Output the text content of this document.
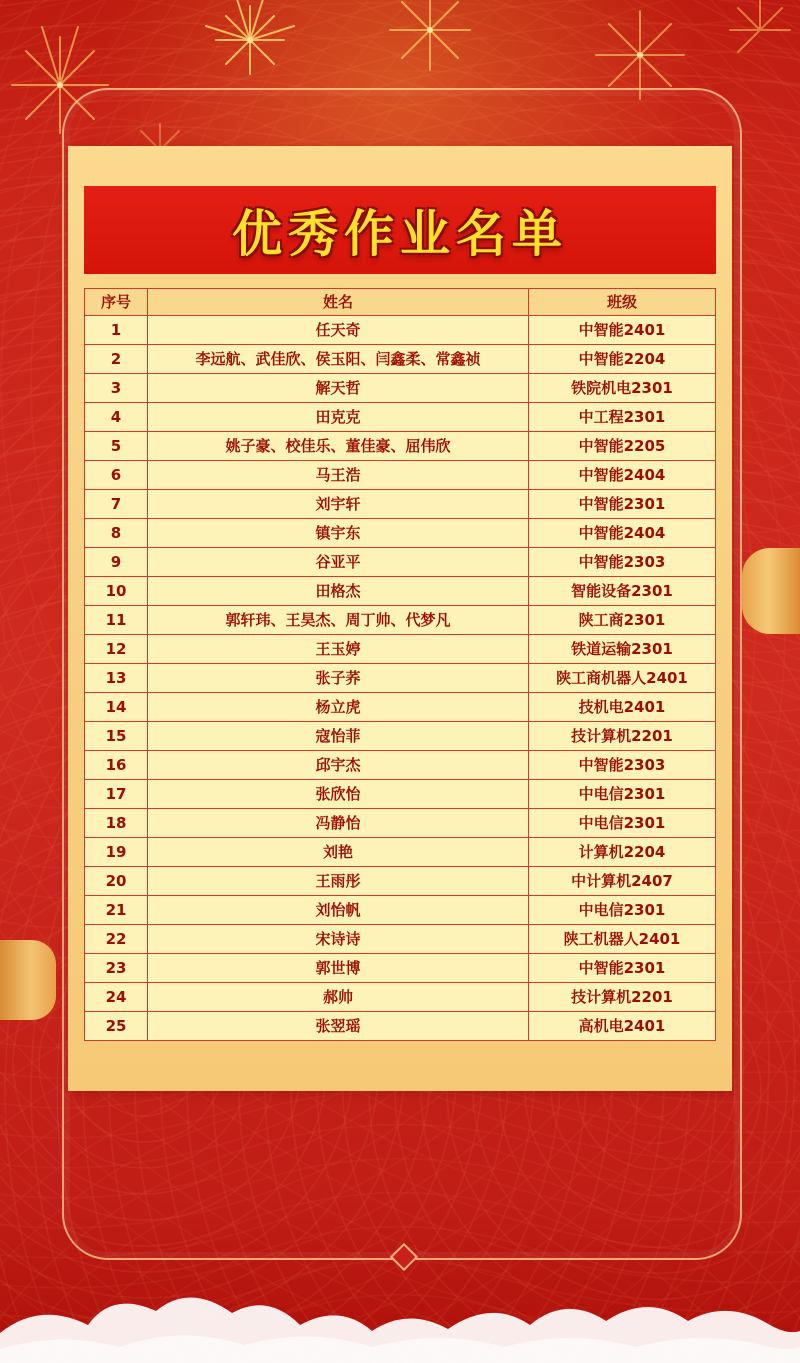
优秀作业名单
序号	姓名	班级
1	任天奇	中智能2401
2	李远航、武佳欣、侯玉阳、闫鑫柔、常鑫祯	中智能2204
3	解天哲	铁院机电2301
4	田克克	中工程2301
5	姚子豪、校佳乐、董佳豪、屈伟欣	中智能2205
6	马王浩	中智能2404
7	刘宇轩	中智能2301
8	镇宇东	中智能2404
9	谷亚平	中智能2303
10	田格杰	智能设备2301
11	郭轩玮、王昊杰、周丁帅、代梦凡	陕工商2301
12	王玉婷	铁道运输2301
13	张子荞	陕工商机器人2401
14	杨立虎	技机电2401
15	寇怡菲	技计算机2201
16	邱宇杰	中智能2303
17	张欣怡	中电信2301
18	冯静怡	中电信2301
19	刘艳	计算机2204
20	王雨彤	中计算机2407
21	刘怡帆	中电信2301
22	宋诗诗	陕工机器人2401
23	郭世博	中智能2301
24	郝帅	技计算机2201
25	张翌瑶	高机电2401
